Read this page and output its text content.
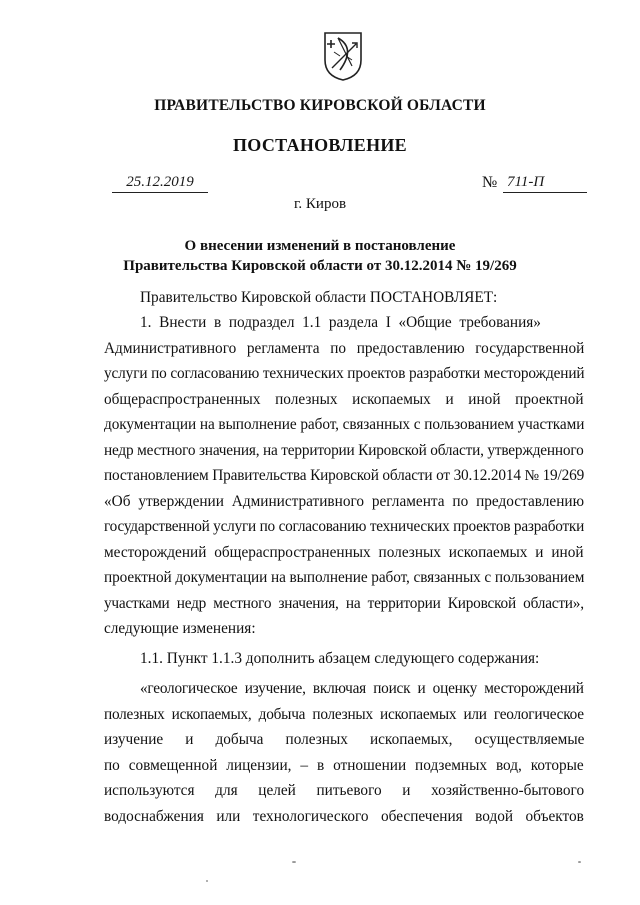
ПРАВИТЕЛЬСТВО КИРОВСКОЙ ОБЛАСТИ
ПОСТАНОВЛЕНИЕ
25.12.2019	№ 711-П
г. Киров
О внесении изменений в постановление
Правительства Кировской области от 30.12.2014 № 19/269
Правительство Кировской области ПОСТАНОВЛЯЕТ:
1.  Внести  в  подраздел  1.1  раздела  I  «Общие  требования»
Административного  регламента  по  предоставлению  государственной
услуги по согласованию технических проектов разработки месторождений
общераспространенных  полезных  ископаемых  и  иной  проектной
документации на выполнение работ, связанных с пользованием участками
недр местного значения, на территории Кировской области, утвержденного
постановлением Правительства Кировской области от 30.12.2014 № 19/269
«Об  утверждении  Административного  регламента  по  предоставлению
государственной услуги по согласованию технических проектов разработки
месторождений  общераспространенных  полезных  ископаемых  и  иной
проектной документации на выполнение работ, связанных с пользованием
участками  недр  местного  значения,  на  территории  Кировской  области»,
следующие изменения:
1.1. Пункт 1.1.3 дополнить абзацем следующего содержания:
«геологическое  изучение,  включая  поиск  и  оценку  месторождений
полезных  ископаемых,  добыча  полезных  ископаемых  или  геологическое
изучение  и  добыча  полезных  ископаемых,  осуществляемые
по  совмещенной  лицензии,  –  в  отношении  подземных  вод,  которые
используются  для  целей  питьевого  и  хозяйственно-бытового
водоснабжения  или  технологического  обеспечения  водой  объектов
